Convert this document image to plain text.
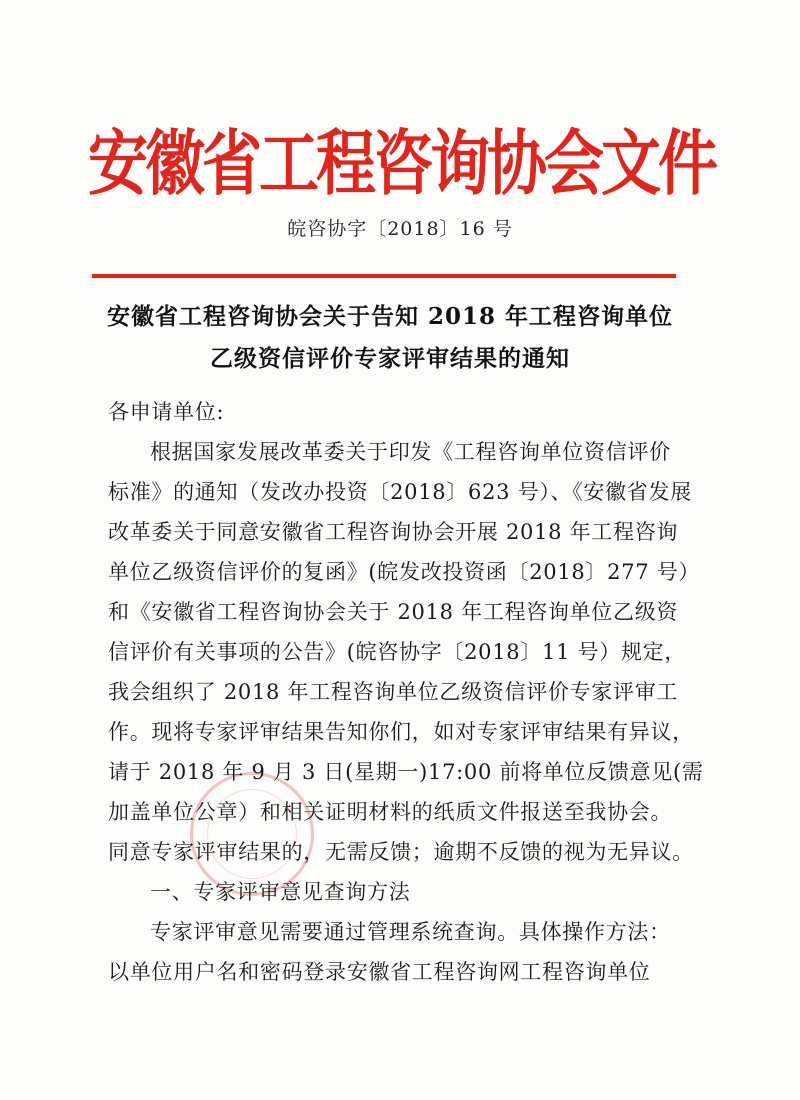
安徽省工程咨询协会文件
皖咨协字〔2018〕16 号
安徽省工程咨询协会关于告知 2018 年工程咨询单位
乙级资信评价专家评审结果的通知
各申请单位:
根据国家发展改革委关于印发《工程咨询单位资信评价
标准》的通知（发改办投资〔2018〕623 号）、《安徽省发展
改革委关于同意安徽省工程咨询协会开展 2018 年工程咨询
单位乙级资信评价的复函》(皖发改投资函〔2018〕277 号）
和《安徽省工程咨询协会关于 2018 年工程咨询单位乙级资
信评价有关事项的公告》(皖咨协字〔2018〕11 号）规定，
我会组织了 2018 年工程咨询单位乙级资信评价专家评审工
作。现将专家评审结果告知你们，如对专家评审结果有异议，
请于 2018 年 9 月 3 日(星期一)17:00 前将单位反馈意见(需
加盖单位公章）和相关证明材料的纸质文件报送至我协会。
同意专家评审结果的，无需反馈；逾期不反馈的视为无异议。
一、专家评审意见查询方法
专家评审意见需要通过管理系统查询。具体操作方法：
以单位用户名和密码登录安徽省工程咨询网工程咨询单位
